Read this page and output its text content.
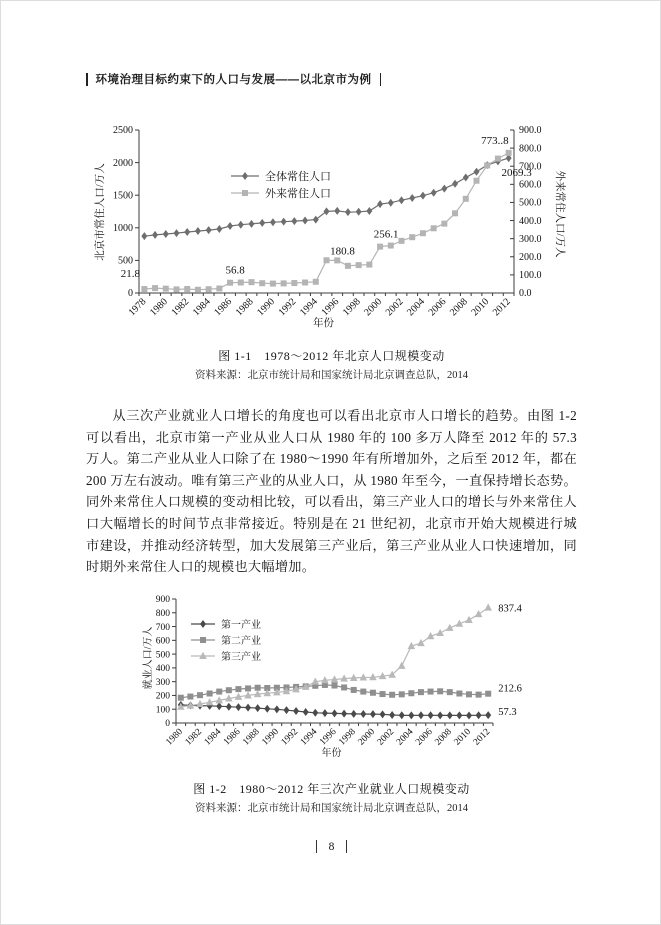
环境治理目标约束下的人口与发展——以北京市为例
0
500
1000
1500
2000
2500
0.0
100.0
200.0
300.0
400.0
500.0
600.0
700.0
800.0
900.0
1978 1980 1982 1984 1986 1988 1990 1992 1994 1996 1998 2000 2002 2004 2006 2008 2010 2012
全体常住人口
外来常住人口
年份
北京市常住人口/万人	外来常住人口/万人
21.8	56.8
180.8
256.1
773..8
2069.3
图 1-1　1978～2012 年北京人口规模变动
资料来源：北京市统计局和国家统计局北京调查总队，2014

从三次产业就业人口增长的角度也可以看出北京市人口增长的趋势。由图 1-2 可以看出，北京市第一产业从业人口从 1980 年的 100 多万人降至 2012 年的 57.3 万人。第二产业从业人口除了在 1980～1990 年有所增加外，之后至 2012 年，都在 200 万左右波动。唯有第三产业的从业人口，从 1980 年至今，一直保持增长态势。同外来常住人口规模的变动相比较，可以看出，第三产业人口的增长与外来常住人口大幅增长的时间节点非常接近。特别是在 21 世纪初，北京市开始大规模进行城市建设，并推动经济转型，加大发展第三产业后，第三产业从业人口快速增加，同时期外来常住人口的规模也大幅增加。

0
100
200
300
400
500
600
700
800
900
1980
1982
1984
1986
1988
1990
1992
1994
1996
1998
2000
2002
2004
2006
2008
2010
2012
第一产业
第二产业
第三产业
年份
就业人口/万人
837.4
212.6
57.3
图 1-2　1980～2012 年三次产业就业人口规模变动
资料来源：北京市统计局和国家统计局北京调查总队，2014
8
